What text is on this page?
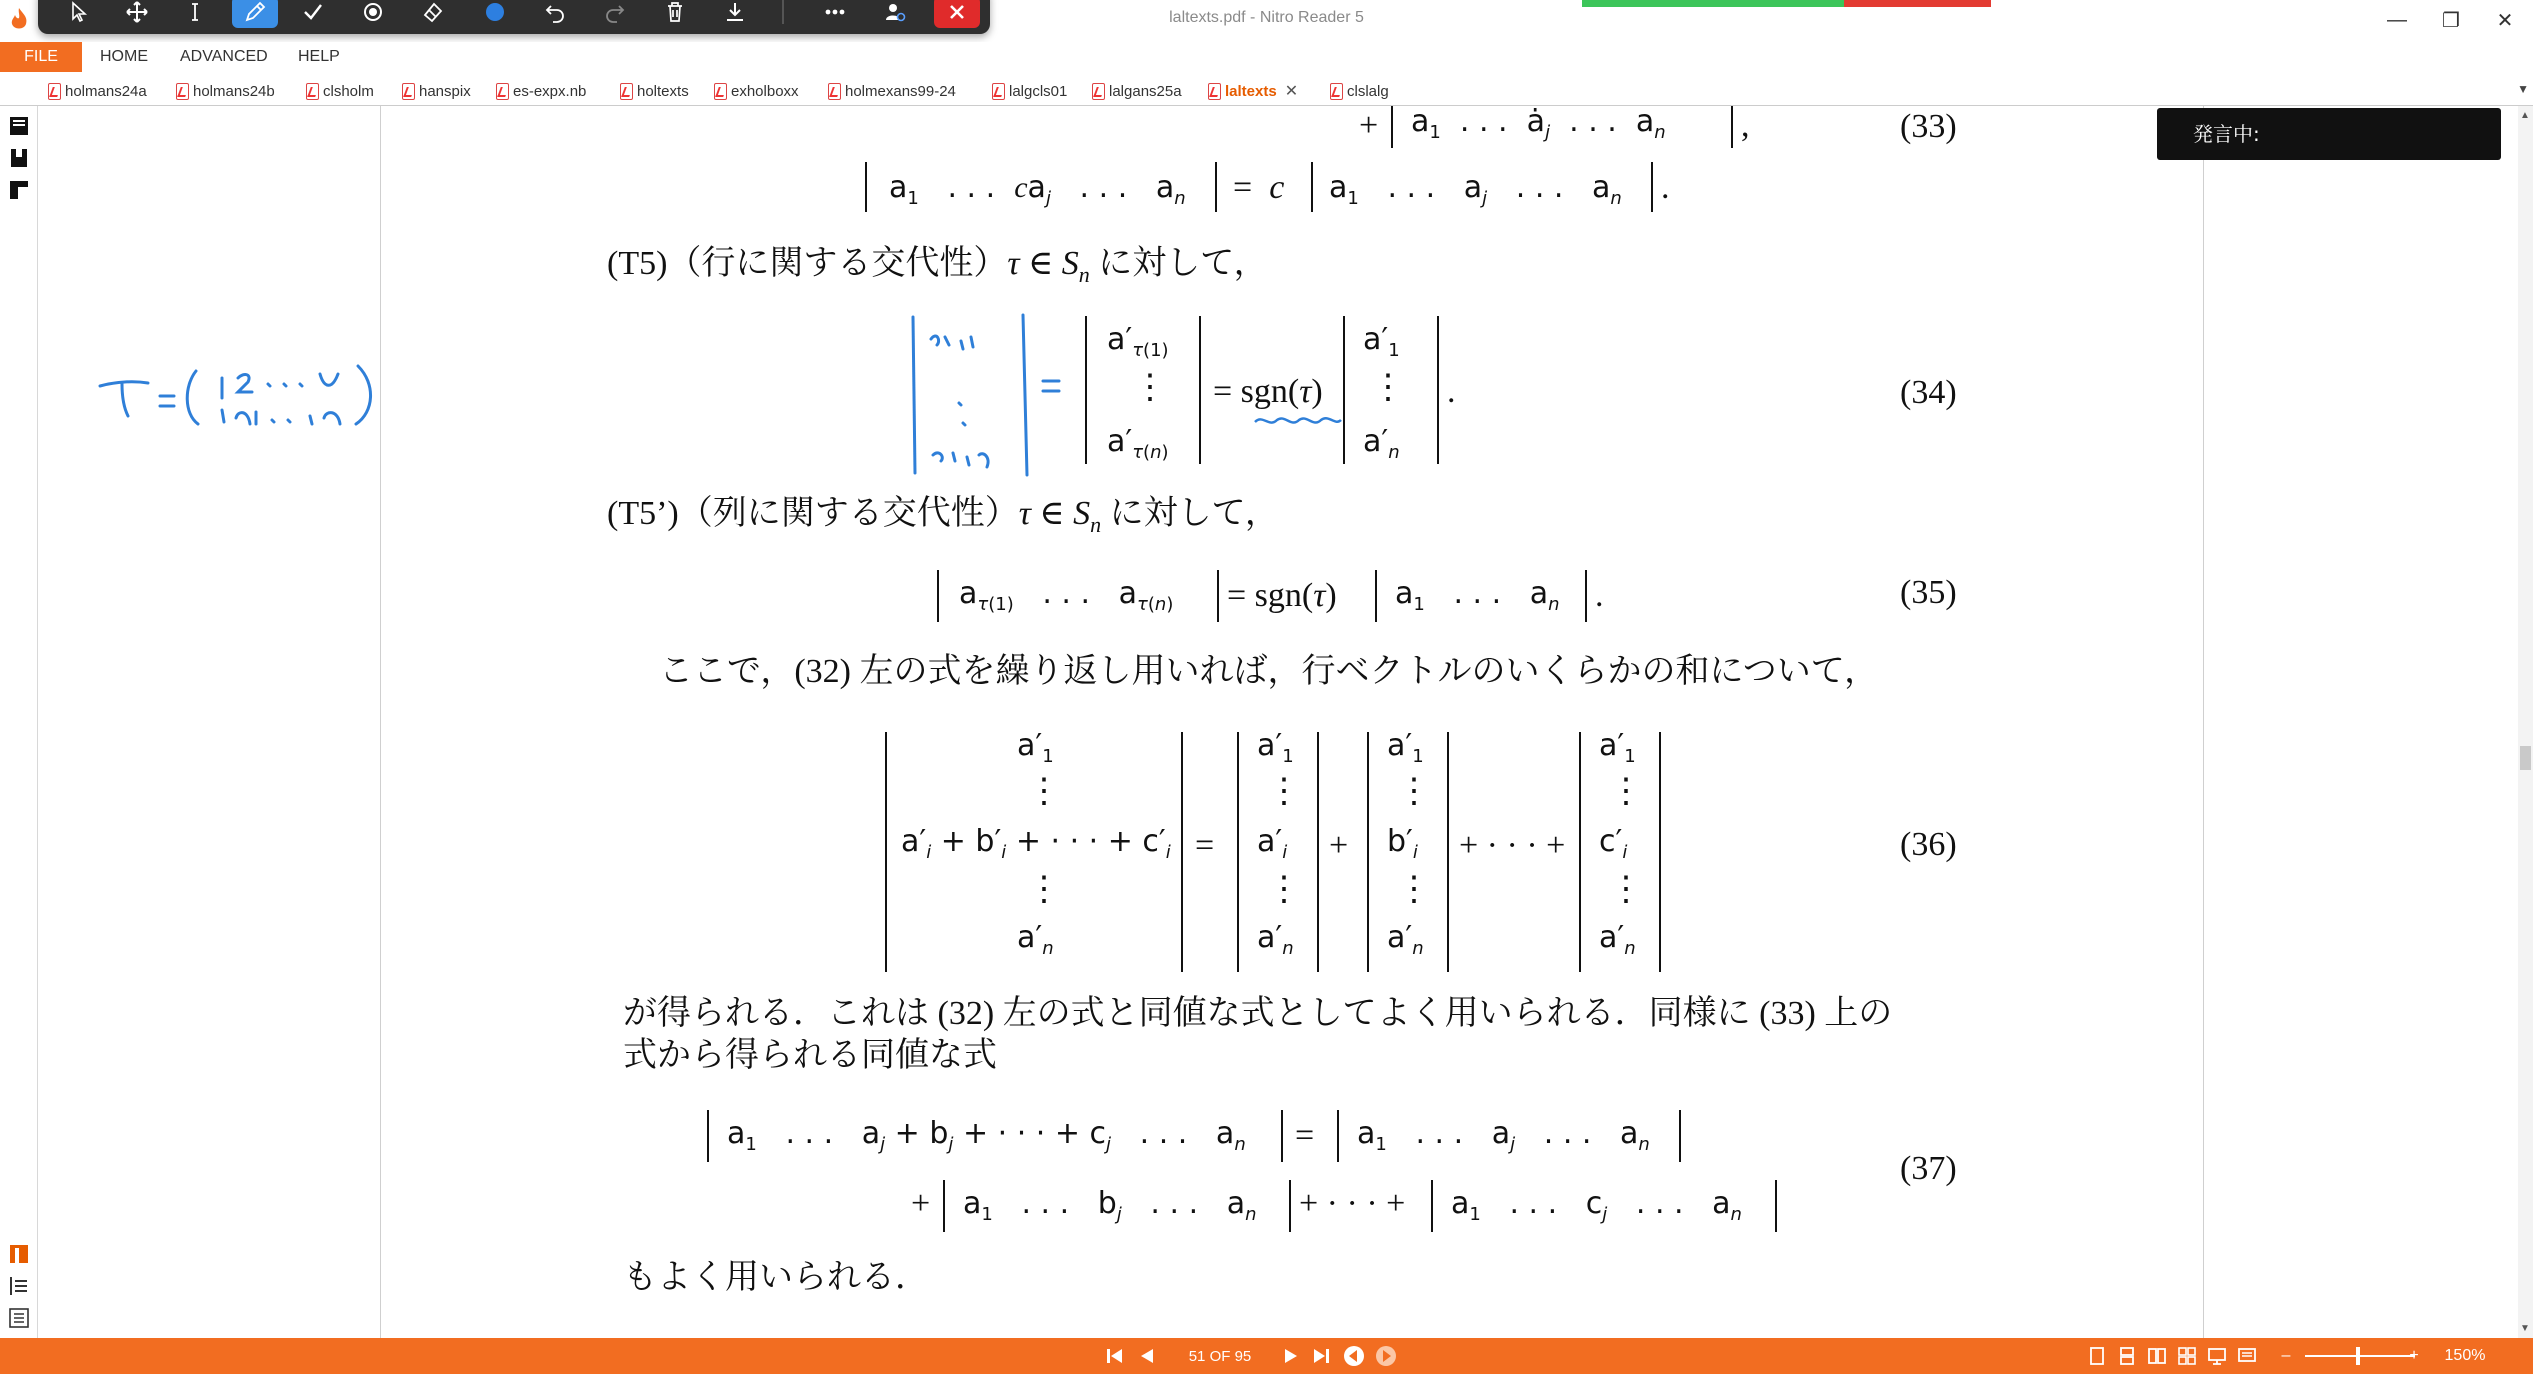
laltexts.pdf - Nitro Reader 5	—	❐	✕
FILE	HOME	ADVANCED	HELP
holmans24a	holmans24b	clsholm	hanspix	es-expx.nb	holtexts	exholboxx	holmexans99-24	lalgcls01	lalgans25a	laltexts ✕	clslalg	▼
+ $a_1$  . . .  $ȧ_j$  . . .  $a_n$ ,	(33)
$a_1$   . . .  $ca_j$   . . .   $a_n = c$ $a_1$   . . .   $a_j$   . . .   $a_n$ .
(T5)（行に関する交代性）τ ∈ $S_n$ に対して，
$a'_{\tau(1)}$
⋮
$a'_{\tau(n)}$
= sgn(τ)
$a'_1$
⋮
$a'_n$
.	(34)
(T5’)（列に関する交代性）τ ∈ $S_n$ に対して，
$a_{\tau(1)}$   . . .   $a_{\tau(n)} = sgn(\tau)$ $a_1$   . . .   $a_n$ .	(35)
ここで，(32) 左の式を繰り返し用いれば，行ベクトルのいくらかの和について，
$a'_1$
⋮
$a'_i + b'_i$ + · · · + $c'_i$
⋮
$a'_n$
=
$a'_1$
⋮
$a'_i$
⋮
$a'_n$
+
$a'_1$
⋮
$b'_i$
⋮
$a'_n$
+ · · · +
$a'_1$
⋮
$c'_i$
⋮
$a'_n$
(36)
が得られる．これは (32) 左の式と同値な式としてよく用いられる．同様に (33) 上の
式から得られる同値な式
$a_1$   . . .   $a_j + b_j$ + · · · + $c_j$   . . .   $a_n = a_1$   . . .   $a_j$   . . .   $a_n$
+ $a_1$   . . .   $b_j$   . . .   $a_n$ + · · · + $a_1$   . . .   $c_j$   . . .   $a_n$
(37)
もよく用いられる．
発言中:
▲
▼
51 OF 95	–	+	150%
